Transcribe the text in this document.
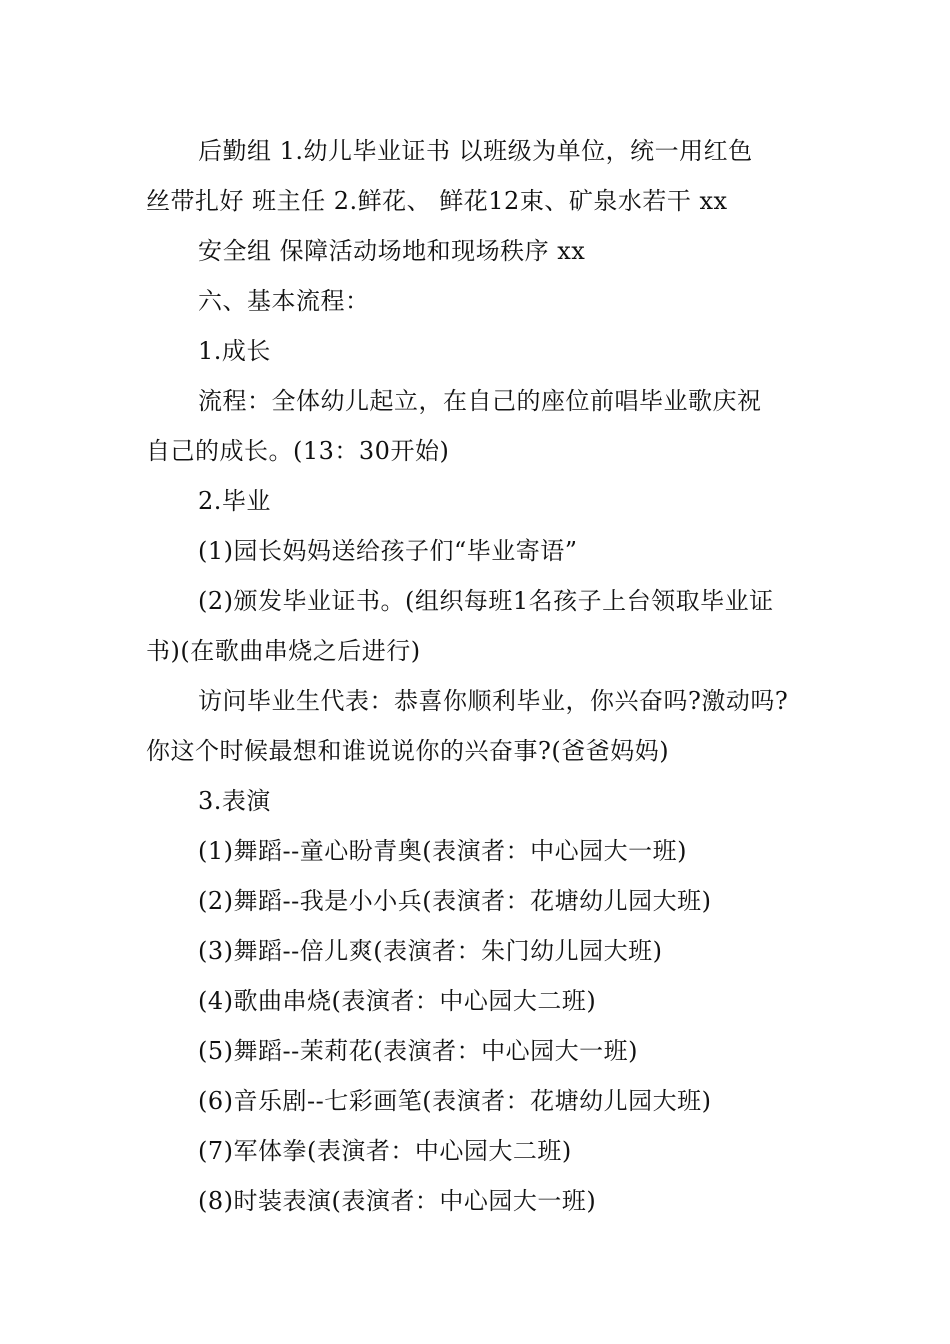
后勤组 1.幼儿毕业证书 以班级为单位，统一用红色

丝带扎好 班主任 2.鲜花、 鲜花12束、矿泉水若干 xx

安全组 保障活动场地和现场秩序 xx

六、基本流程：

1.成长

流程：全体幼儿起立，在自己的座位前唱毕业歌庆祝

自己的成长。(13：30开始)

2.毕业

(1)园长妈妈送给孩子们“毕业寄语”

(2)颁发毕业证书。(组织每班1名孩子上台领取毕业证

书)(在歌曲串烧之后进行)

访问毕业生代表：恭喜你顺利毕业，你兴奋吗?激动吗?

你这个时候最想和谁说说你的兴奋事?(爸爸妈妈)

3.表演

(1)舞蹈--童心盼青奥(表演者：中心园大一班)

(2)舞蹈--我是小小兵(表演者：花塘幼儿园大班)

(3)舞蹈--倍儿爽(表演者：朱门幼儿园大班)

(4)歌曲串烧(表演者：中心园大二班)

(5)舞蹈--茉莉花(表演者：中心园大一班)

(6)音乐剧--七彩画笔(表演者：花塘幼儿园大班)

(7)军体拳(表演者：中心园大二班)

(8)时装表演(表演者：中心园大一班)
